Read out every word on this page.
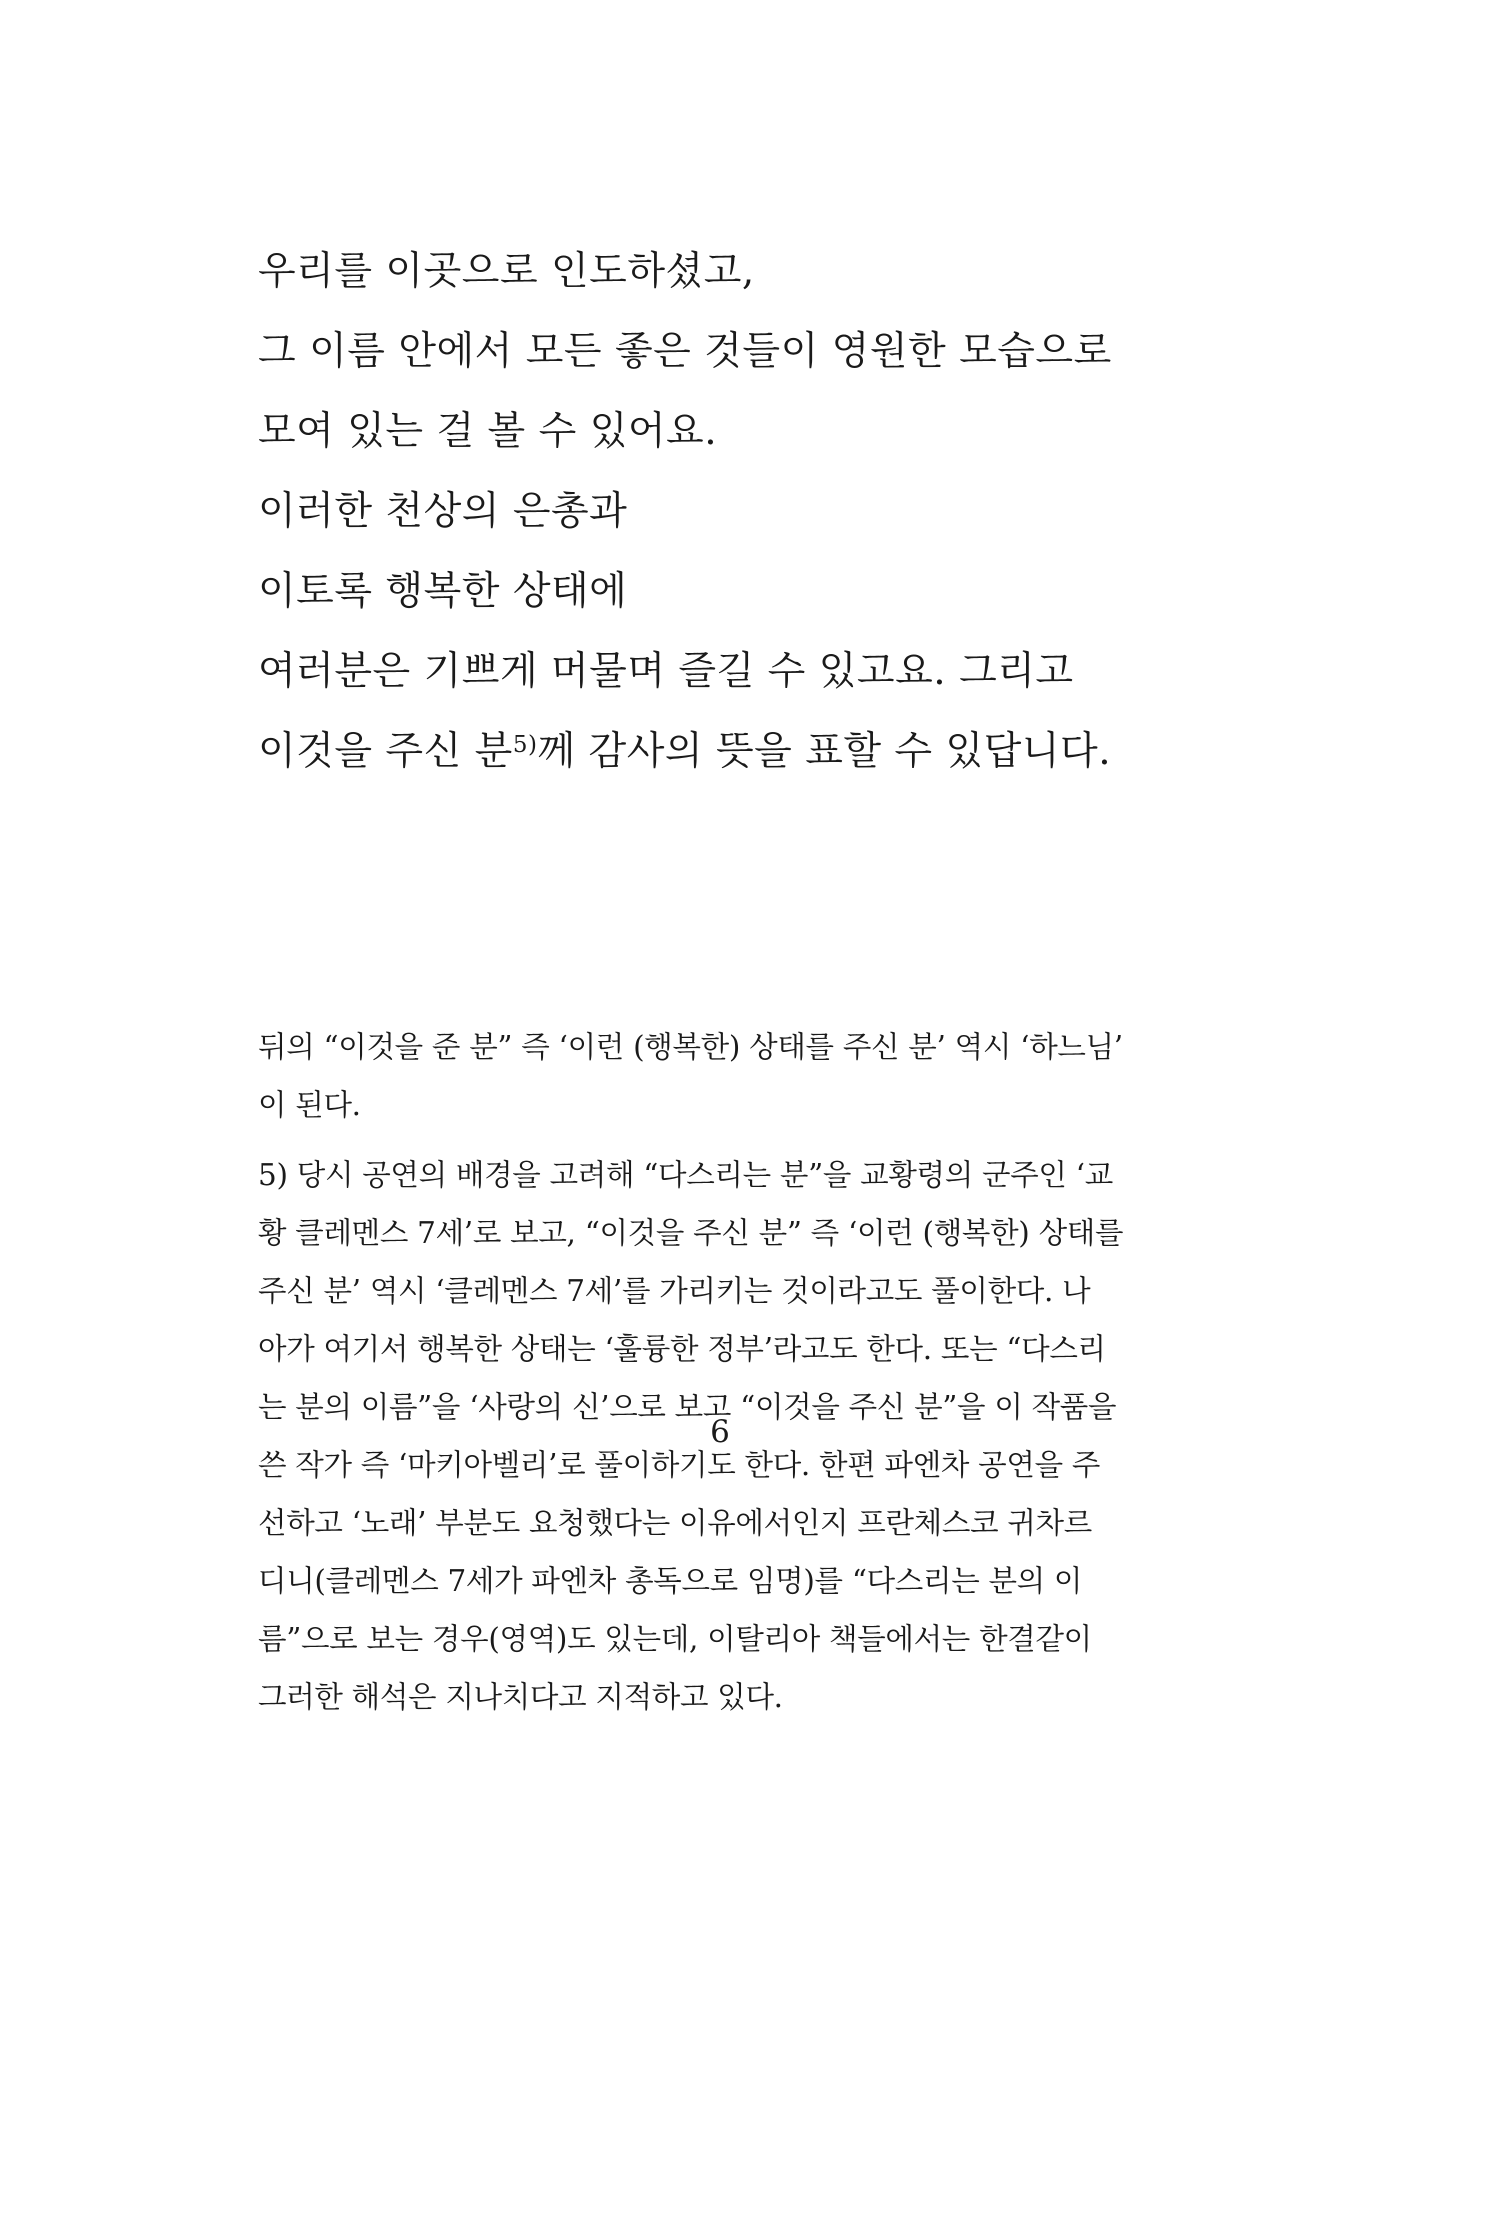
우리를 이곳으로 인도하셨고,
그 이름 안에서 모든 좋은 것들이 영원한 모습으로
모여 있는 걸 볼 수 있어요.
이러한 천상의 은총과
이토록 행복한 상태에
여러분은 기쁘게 머물며 즐길 수 있고요. 그리고
이것을 주신 분$^{5)}$께 감사의 뜻을 표할 수 있답니다.
뒤의 “이것을 준 분” 즉 ‘이런 (행복한) 상태를 주신 분’ 역시 ‘하느님’
이 된다.
5) 당시 공연의 배경을 고려해 “다스리는 분”을 교황령의 군주인 ‘교
황 클레멘스 7세’로 보고, “이것을 주신 분” 즉 ‘이런 (행복한) 상태를
주신 분’ 역시 ‘클레멘스 7세’를 가리키는 것이라고도 풀이한다. 나
아가 여기서 행복한 상태는 ‘훌륭한 정부’라고도 한다. 또는 “다스리
는 분의 이름”을 ‘사랑의 신’으로 보고 “이것을 주신 분”을 이 작품을
쓴 작가 즉 ‘마키아벨리’로 풀이하기도 한다. 한편 파엔차 공연을 주
선하고 ‘노래’ 부분도 요청했다는 이유에서인지 프란체스코 귀차르
디니(클레멘스 7세가 파엔차 총독으로 임명)를 “다스리는 분의 이
름”으로 보는 경우(영역)도 있는데, 이탈리아 책들에서는 한결같이
그러한 해석은 지나치다고 지적하고 있다.
6
